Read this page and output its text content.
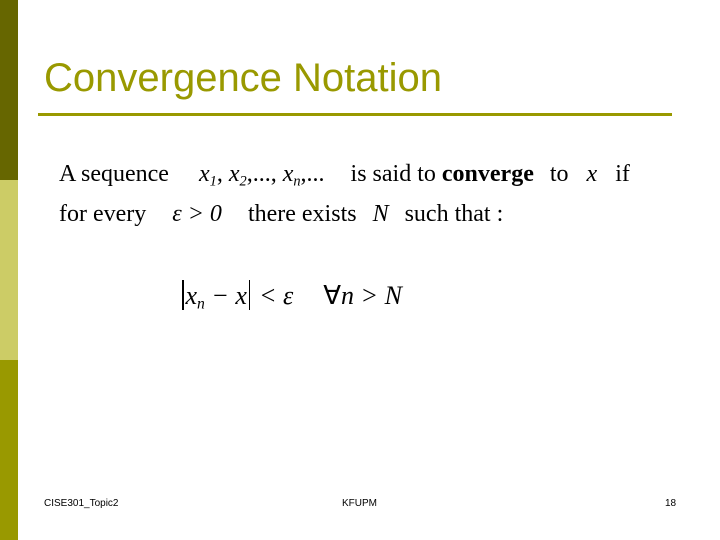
Convergence Notation
A sequence $x_1$, $x_2$,..., $x_n$,... is said to converge to x if
for every ε > 0 there exists N such that :
$x_n - x < \varepsilon$ ∀n > N
CISE301_Topic2	KFUPM	18
